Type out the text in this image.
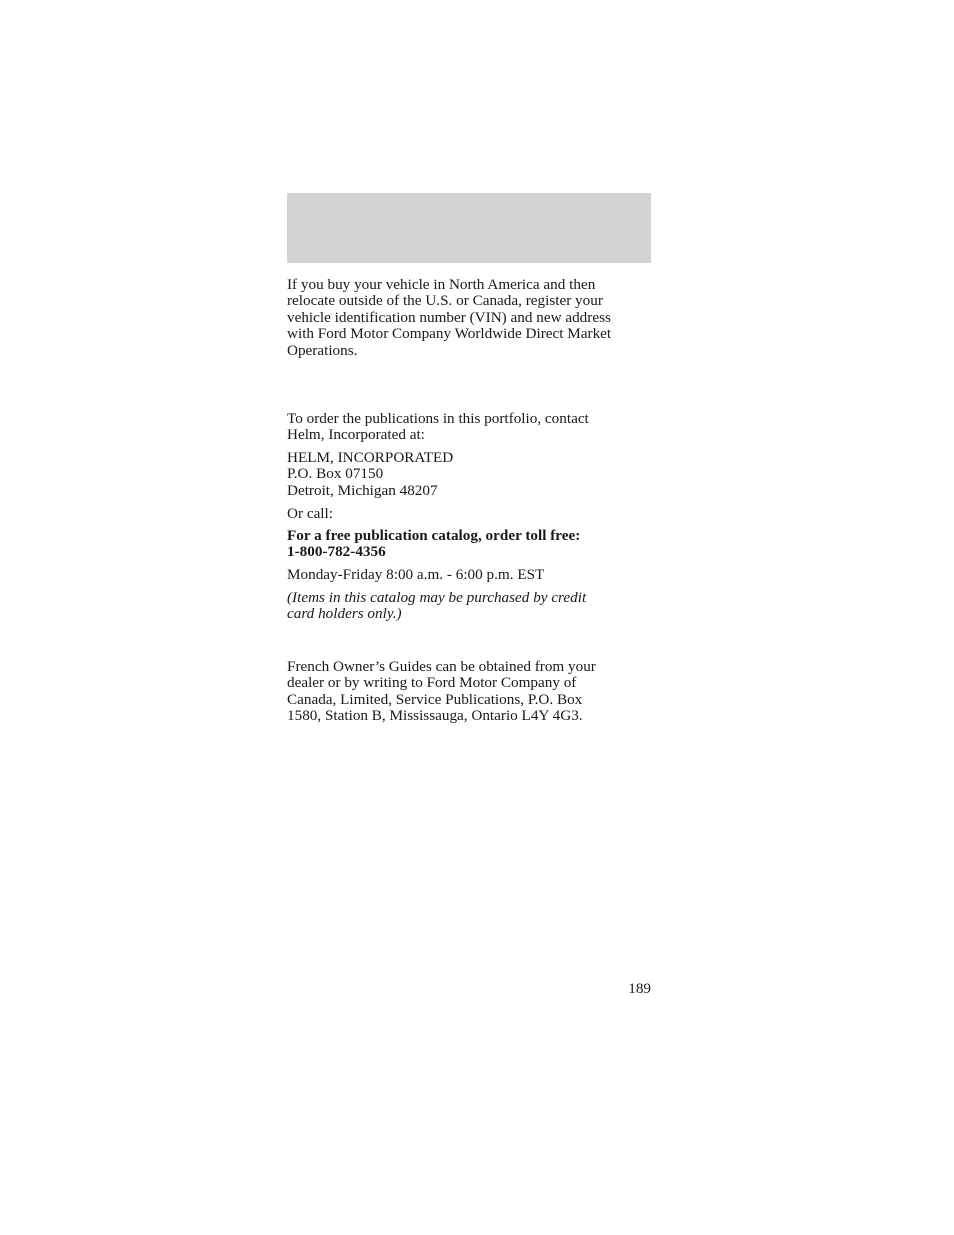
If you buy your vehicle in North America and then
relocate outside of the U.S. or Canada, register your
vehicle identification number (VIN) and new address
with Ford Motor Company Worldwide Direct Market
Operations.

To order the publications in this portfolio, contact
Helm, Incorporated at:

HELM, INCORPORATED
P.O. Box 07150
Detroit, Michigan 48207

Or call:

For a free publication catalog, order toll free:
1-800-782-4356

Monday-Friday 8:00 a.m. - 6:00 p.m. EST

(Items in this catalog may be purchased by credit
card holders only.)

French Owner’s Guides can be obtained from your
dealer or by writing to Ford Motor Company of
Canada, Limited, Service Publications, P.O. Box
1580, Station B, Mississauga, Ontario L4Y 4G3.

189
